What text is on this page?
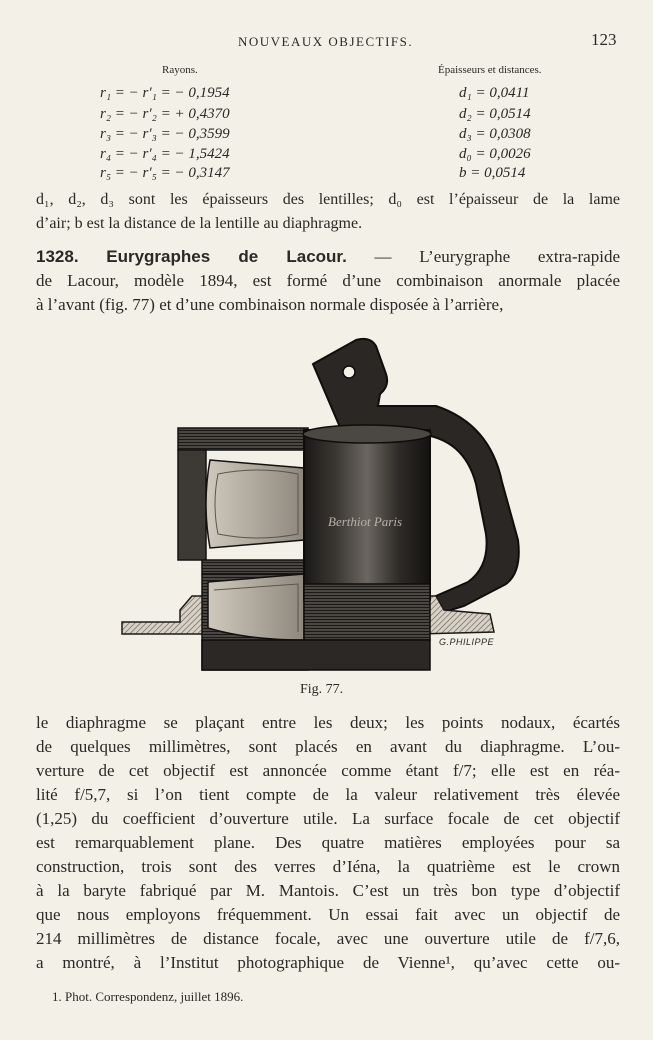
NOUVEAUX OBJECTIFS.	123
Rayons.	Épaisseurs et distances.
r₁ = − r′₁ = − 0,1954
r₂ = − r′₂ = + 0,4370
r₃ = − r′₃ = − 0,3599
r₄ = − r′₄ = − 1,5424
r₅ = − r′₅ = − 0,3147
d₁ = 0,0411
d₂ = 0,0514
d₃ = 0,0308
d₀ = 0,0026
b = 0,0514
d₁, d₂, d₃ sont les épaisseurs des lentilles; d₀ est l’épaisseur de la lame
d’air; b est la distance de la lentille au diaphragme.
1328. Eurygraphes de Lacour. — L’eurygraphe extra-rapide
de Lacour, modèle 1894, est formé d’une combinaison anormale placée
à l’avant (fig. 77) et d’une combinaison normale disposée à l’arrière,
Berthiot Paris
G.PHILIPPE
Fig. 77.
le diaphragme se plaçant entre les deux; les points nodaux, écartés
de quelques millimètres, sont placés en avant du diaphragme. L’ou-
verture de cet objectif est annoncée comme étant f/7; elle est en réa-
lité f/5,7, si l’on tient compte de la valeur relativement très élevée
(1,25) du coefficient d’ouverture utile. La surface focale de cet objectif
est remarquablement plane. Des quatre matières employées pour sa
construction, trois sont des verres d’Iéna, la quatrième est le crown
à la baryte fabriqué par M. Mantois. C’est un très bon type d’objectif
que nous employons fréquemment. Un essai fait avec un objectif de
214 millimètres de distance focale, avec une ouverture utile de f/7,6,
a montré, à l’Institut photographique de Vienne¹, qu’avec cette ou-
1. Phot. Correspondenz, juillet 1896.
